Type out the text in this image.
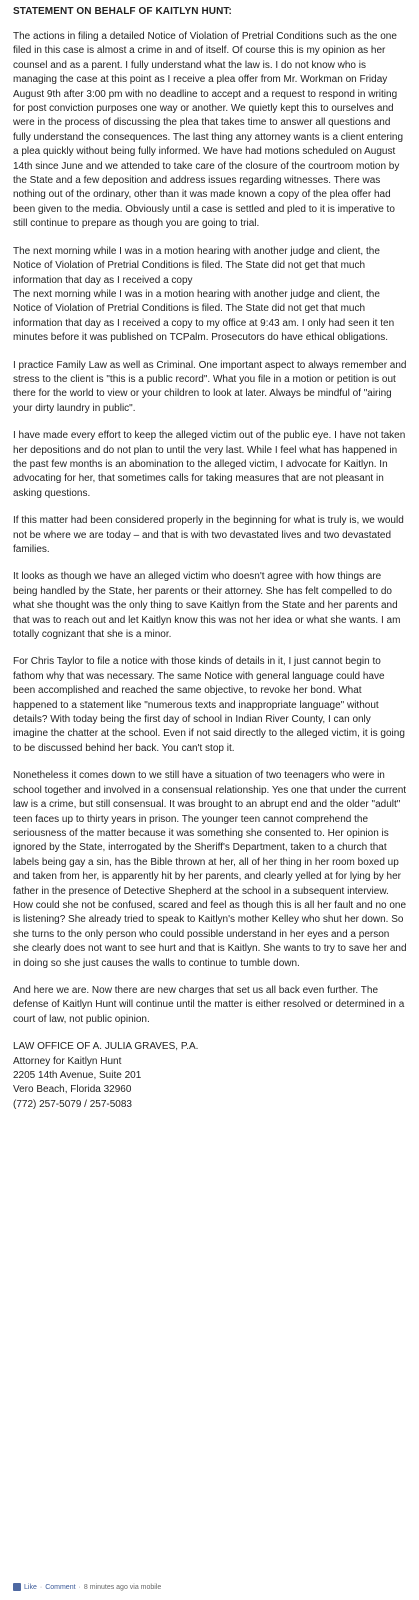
STATEMENT ON BEHALF OF KAITLYN HUNT:
The actions in filing a detailed Notice of Violation of Pretrial Conditions such as the one filed in this case is almost a crime in and of itself. Of course this is my opinion as her counsel and as a parent. I fully understand what the law is. I do not know who is managing the case at this point as I receive a plea offer from Mr. Workman on Friday August 9th after 3:00 pm with no deadline to accept and a request to respond in writing for post conviction purposes one way or another. We quietly kept this to ourselves and were in the process of discussing the plea that takes time to answer all questions and fully understand the consequences. The last thing any attorney wants is a client entering a plea quickly without being fully informed. We have had motions scheduled on August 14th since June and we attended to take care of the closure of the courtroom motion by the State and a few deposition and address issues regarding witnesses. There was nothing out of the ordinary, other than it was made known a copy of the plea offer had been given to the media. Obviously until a case is settled and pled to it is imperative to still continue to prepare as though you are going to trial.
The next morning while I was in a motion hearing with another judge and client, the Notice of Violation of Pretrial Conditions is filed. The State did not get that much information that day as I received a copy
The next morning while I was in a motion hearing with another judge and client, the Notice of Violation of Pretrial Conditions is filed. The State did not get that much information that day as I received a copy to my office at 9:43 am. I only had seen it ten minutes before it was published on TCPalm. Prosecutors do have ethical obligations.
I practice Family Law as well as Criminal. One important aspect to always remember and stress to the client is "this is a public record". What you file in a motion or petition is out there for the world to view or your children to look at later. Always be mindful of "airing your dirty laundry in public".
I have made every effort to keep the alleged victim out of the public eye. I have not taken her depositions and do not plan to until the very last. While I feel what has happened in the past few months is an abomination to the alleged victim, I advocate for Kaitlyn. In advocating for her, that sometimes calls for taking measures that are not pleasant in asking questions.
If this matter had been considered properly in the beginning for what is truly is, we would not be where we are today – and that is with two devastated lives and two devastated families.
It looks as though we have an alleged victim who doesn't agree with how things are being handled by the State, her parents or their attorney. She has felt compelled to do what she thought was the only thing to save Kaitlyn from the State and her parents and that was to reach out and let Kaitlyn know this was not her idea or what she wants. I am totally cognizant that she is a minor.
For Chris Taylor to file a notice with those kinds of details in it, I just cannot begin to fathom why that was necessary. The same Notice with general language could have been accomplished and reached the same objective, to revoke her bond. What happened to a statement like "numerous texts and inappropriate language" without details? With today being the first day of school in Indian River County, I can only imagine the chatter at the school. Even if not said directly to the alleged victim, it is going to be discussed behind her back. You can't stop it.
Nonetheless it comes down to we still have a situation of two teenagers who were in school together and involved in a consensual relationship. Yes one that under the current law is a crime, but still consensual. It was brought to an abrupt end and the older "adult" teen faces up to thirty years in prison. The younger teen cannot comprehend the seriousness of the matter because it was something she consented to. Her opinion is ignored by the State, interrogated by the Sheriff's Department, taken to a church that labels being gay a sin, has the Bible thrown at her, all of her thing in her room boxed up and taken from her, is apparently hit by her parents, and clearly yelled at for lying by her father in the presence of Detective Shepherd at the school in a subsequent interview. How could she not be confused, scared and feel as though this is all her fault and no one is listening? She already tried to speak to Kaitlyn's mother Kelley who shut her down. So she turns to the only person who could possible understand in her eyes and a person she clearly does not want to see hurt and that is Kaitlyn. She wants to try to save her and in doing so she just causes the walls to continue to tumble down.
And here we are. Now there are new charges that set us all back even further. The defense of Kaitlyn Hunt will continue until the matter is either resolved or determined in a court of law, not public opinion.
LAW OFFICE OF A. JULIA GRAVES, P.A.
Attorney for Kaitlyn Hunt
2205 14th Avenue, Suite 201
Vero Beach, Florida 32960
(772) 257-5079 / 257-5083
Like · Comment · 8 minutes ago via mobile
